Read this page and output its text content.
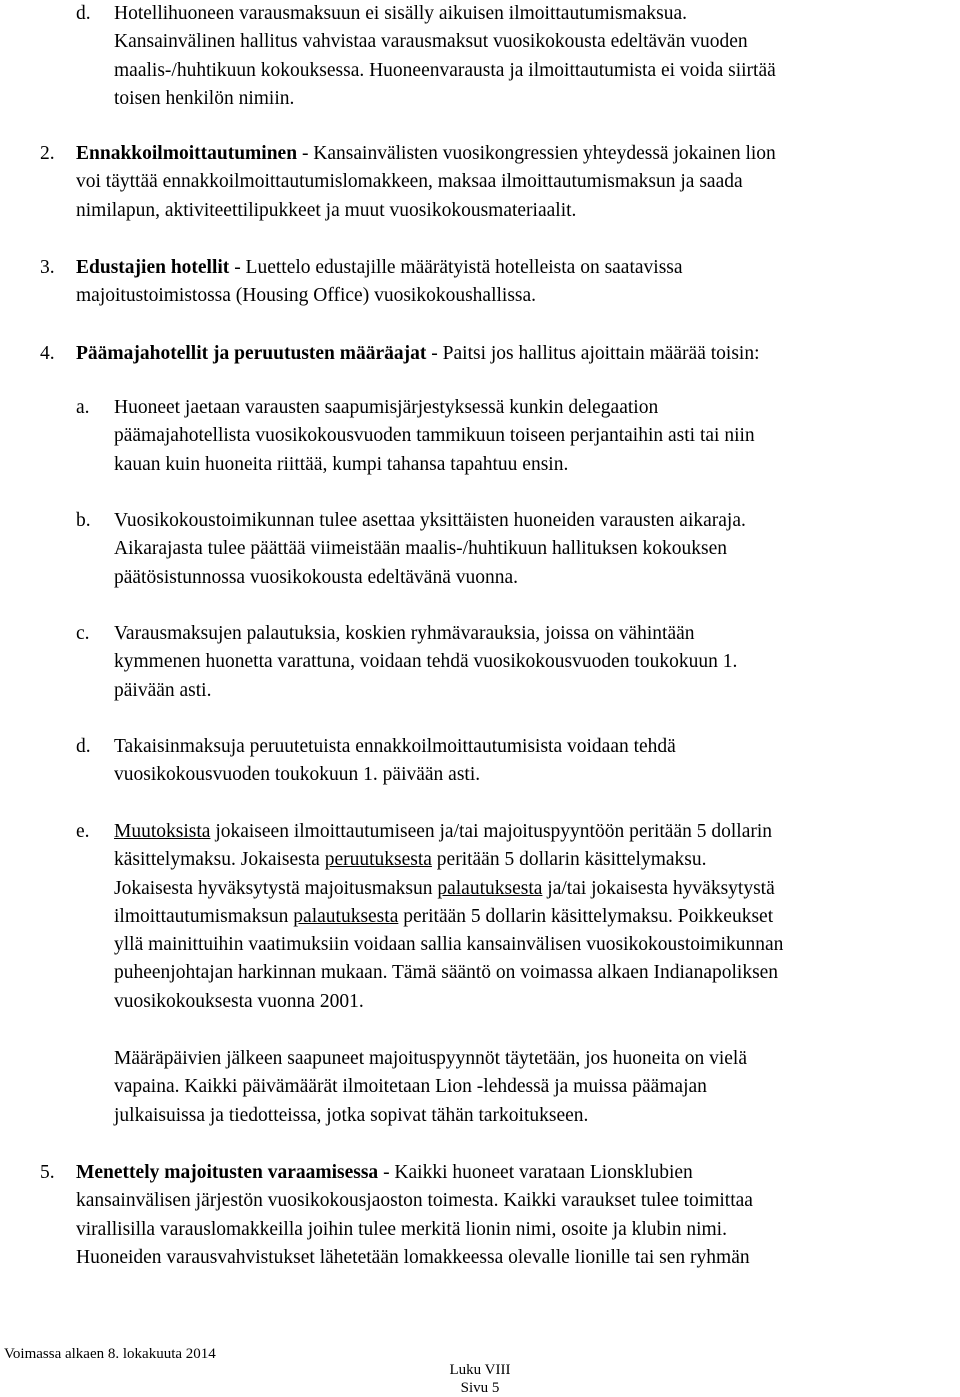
d. Hotellihuoneen varausmaksuun ei sisälly aikuisen ilmoittautumismaksua.
Kansainvälinen hallitus vahvistaa varausmaksut vuosikokousta edeltävän vuoden
maalis-/huhtikuun kokouksessa. Huoneenvarausta ja ilmoittautumista ei voida siirtää
toisen henkilön nimiin.
2. Ennakkoilmoittautuminen - Kansainvälisten vuosikongressien yhteydessä jokainen lion
voi täyttää ennakkoilmoittautumislomakkeen, maksaa ilmoittautumismaksun ja saada
nimilapun, aktiviteettilipukkeet ja muut vuosikokousmateriaalit.
3. Edustajien hotellit - Luettelo edustajille määrätyistä hotelleista on saatavissa
majoitustoimistossa (Housing Office) vuosikokoushallissa.
4. Päämajahotellit ja peruutusten määräajat - Paitsi jos hallitus ajoittain määrää toisin:
a. Huoneet jaetaan varausten saapumisjärjestyksessä kunkin delegaation
päämajahotellista vuosikokousvuoden tammikuun toiseen perjantaihin asti tai niin
kauan kuin huoneita riittää, kumpi tahansa tapahtuu ensin.
b. Vuosikokoustoimikunnan tulee asettaa yksittäisten huoneiden varausten aikaraja.
Aikarajasta tulee päättää viimeistään maalis-/huhtikuun hallituksen kokouksen
päätösistunnossa vuosikokousta edeltävänä vuonna.
c. Varausmaksujen palautuksia, koskien ryhmävarauksia, joissa on vähintään
kymmenen huonetta varattuna, voidaan tehdä vuosikokousvuoden toukokuun 1.
päivään asti.
d. Takaisinmaksuja peruutetuista ennakkoilmoittautumisista voidaan tehdä
vuosikokousvuoden toukokuun 1. päivään asti.
e. Muutoksista jokaiseen ilmoittautumiseen ja/tai majoituspyyntöön peritään 5 dollarin
käsittelymaksu. Jokaisesta peruutuksesta peritään 5 dollarin käsittelymaksu.
Jokaisesta hyväksytystä majoitusmaksun palautuksesta ja/tai jokaisesta hyväksytystä
ilmoittautumismaksun palautuksesta peritään 5 dollarin käsittelymaksu. Poikkeukset
yllä mainittuihin vaatimuksiin voidaan sallia kansainvälisen vuosikokoustoimikunnan
puheenjohtajan harkinnan mukaan. Tämä sääntö on voimassa alkaen Indianapoliksen
vuosikokouksesta vuonna 2001.
Määräpäivien jälkeen saapuneet majoituspyynnöt täytetään, jos huoneita on vielä
vapaina. Kaikki päivämäärät ilmoitetaan Lion -lehdessä ja muissa päämajan
julkaisuissa ja tiedotteissa, jotka sopivat tähän tarkoitukseen.
5. Menettely majoitusten varaamisessa - Kaikki huoneet varataan Lionsklubien
kansainvälisen järjestön vuosikokousjaoston toimesta. Kaikki varaukset tulee toimittaa
virallisilla varauslomakkeilla joihin tulee merkitä lionin nimi, osoite ja klubin nimi.
Huoneiden varausvahvistukset lähetetään lomakkeessa olevalle lionille tai sen ryhmän
Voimassa alkaen 8. lokakuuta 2014
Luku VIII
Sivu 5
